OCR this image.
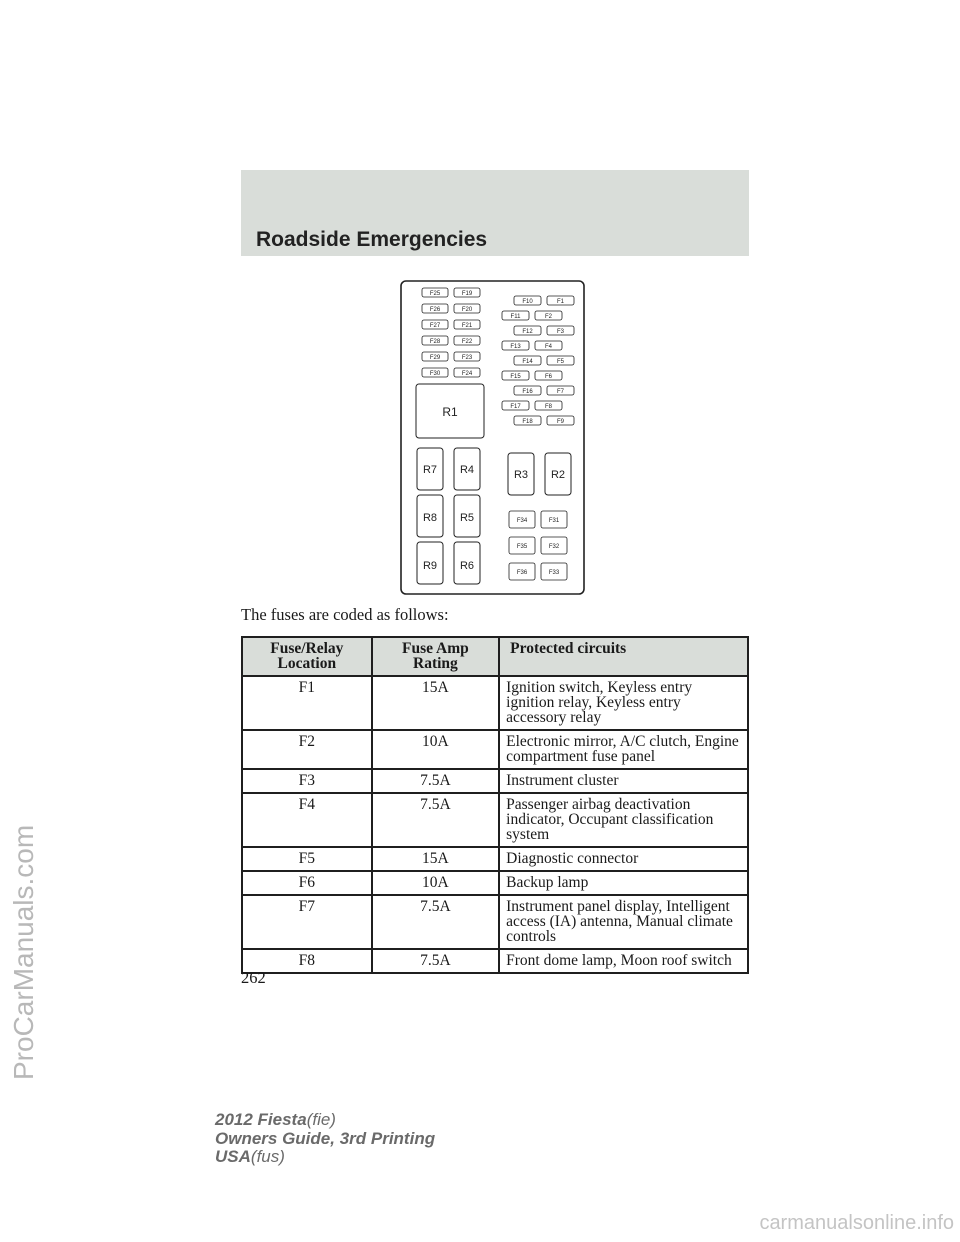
ProCarManuals.com
carmanualsonline.info
Roadside Emergencies
F25	F19
F26	F20
F27	F21
F28	F22
F29	F23
F30	F24
F10	F1
F11	F2
F12	F3
F13	F4
F14	F5
F15	F6
F16	F7
F17	F8
F18	F9
R1
R7 R4	R3 R2
R8 R5
R9 R6
F34	F31
F35	F32
F36	F33
The fuses are coded as follows:
Fuse/Relay Location	Fuse Amp Rating	Protected circuits
F1	15A	Ignition switch, Keyless entry ignition relay, Keyless entry accessory relay
F2	10A	Electronic mirror, A/C clutch, Engine compartment fuse panel
F3	7.5A	Instrument cluster
F4	7.5A	Passenger airbag deactivation indicator, Occupant classification system
F5	15A	Diagnostic connector
F6	10A	Backup lamp
F7	7.5A	Instrument panel display, Intelligent access (IA) antenna, Manual climate controls
F8	7.5A	Front dome lamp, Moon roof switch
262
2012 Fiesta(fie)
Owners Guide, 3rd Printing
USA(fus)
